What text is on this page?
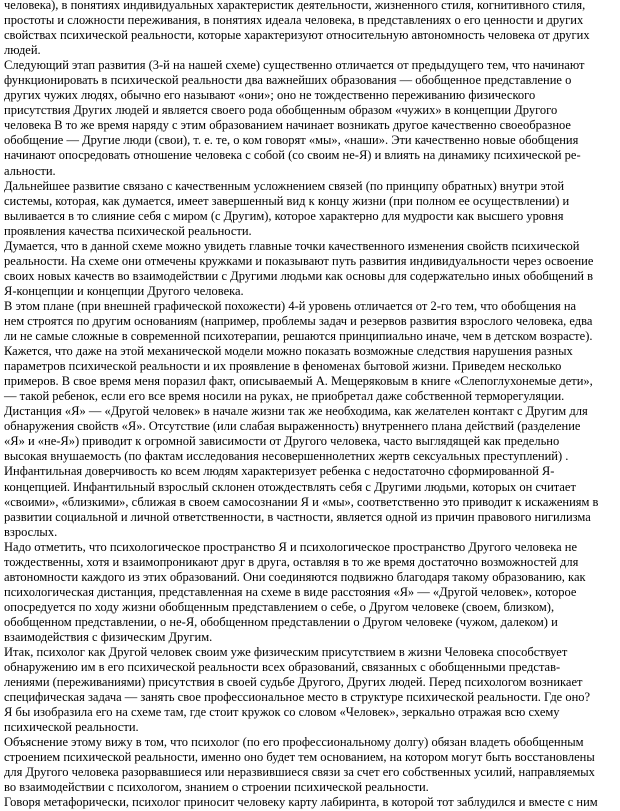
человека), в понятиях индивидуальных характеристик деятельности, жизненного стиля, когнитивного стиля,
простоты и сложности переживания, в понятиях идеала человека, в представлениях о его ценности и других
свойствах психической реальности, которые характеризуют относительную автономность человека от других
людей.

Следующий этап развития (3-й на нашей схеме) существенно отличается от предыдущего тем, что начинают
функционировать в психической реальности два важнейших образования — обобщенное представление о
других чужих людях, обычно его называют «они»; оно не тождественно переживанию физического
присутствия Других людей и является своего рода обобщенным образом «чужих» в концепции Другого
человека В то же время наряду с этим образованием начинает возникать другое качественно своеобразное
обобщение — Другие люди (свои), т. е. те, о ком говорят «мы», «наши». Эти качественно новые обобщения
начинают опосредовать отношение человека с собой (со своим не-Я) и влиять на динамику психической ре-
альности.

Дальнейшее развитие связано с качественным усложнением связей (по принципу обратных) внутри этой
системы, которая, как думается, имеет завершенный вид к концу жизни (при полном ее осуществлении) и
выливается в то слияние себя с миром (с Другим), которое характерно для мудрости как высшего уровня
проявления качества психической реальности.

Думается, что в данной схеме можно увидеть главные точки качественного изменения свойств психической
реальности. На схеме они отмечены кружками и показывают путь развития индивидуальности через освоение
своих новых качеств во взаимодействии с Другими людьми как основы для содержательно иных обобщений в
Я-концепции и концепции Другого человека.

В этом плане (при внешней графической похожести) 4-й уровень отличается от 2-го тем, что обобщения на
нем строятся по другим основаниям (например, проблемы задач и резервов развития взрослого человека, едва
ли не самые сложные в современной психотерапии, решаются принципиально иначе, чем в детском возрасте).

Кажется, что даже на этой механической модели можно показать возможные следствия нарушения разных
параметров психической реальности и их проявление в феноменах бытовой жизни. Приведем несколько
примеров. В свое время меня поразил факт, описываемый А. Мещеряковым в книге «Слепоглухонемые дети»,
— такой ребенок, если его все время носили на руках, не приобретал даже собственной терморегуляции.

Дистанция «Я» — «Другой человек» в начале жизни так же необходима, как желателен контакт с Другим для
обнаружения свойств «Я». Отсутствие (или слабая выраженность) внутреннего плана действий (разделение
«Я» и «не-Я») приводит к огромной зависимости от Другого человека, часто выглядящей как предельно
высокая внушаемость (по фактам исследования несовершеннолетних жертв сексуальных преступлений) .

Инфантильная доверчивость ко всем людям характеризует ребенка с недостаточно сформированной Я-
концепцией. Инфантильный взрослый склонен отождествлять себя с Другими людьми, которых он считает
«своими», «близкими», сближая в своем самосознании Я и «мы», соответственно это приводит к искажениям в
развитии социальной и личной ответственности, в частности, является одной из причин правового нигилизма
взрослых.

Надо отметить, что психологическое пространство Я и психологическое пространство Другого человека не
тождественны, хотя и взаимопроникают друг в друга, оставляя в то же время достаточно возможностей для
автономности каждого из этих образований. Они соединяются подвижно благодаря такому образованию, как
психологическая дистанция, представленная на схеме в виде расстояния «Я» — «Другой человек», которое
опосредуется по ходу жизни обобщенным представлением о себе, о Другом человеке (своем, близком),
обобщенном представлении, о не-Я, обобщенном представлении о Другом человеке (чужом, далеком) и
взаимодействия с физическим Другим.

Итак, психолог как Другой человек своим уже физическим присутствием в жизни Человека способствует
обнаружению им в его психической реальности всех образований, связанных с обобщенными представ-
лениями (переживаниями) присутствия в своей судьбе Другого, Других людей. Перед психологом возникает
специфическая задача — занять свое профессиональное место в структуре психической реальности. Где оно?
Я бы изобразила его на схеме там, где стоит кружок со словом «Человек», зеркально отражая всю схему
психической реальности.

Объяснение этому вижу в том, что психолог (по его профессиональному долгу) обязан владеть обобщенным
строением психической реальности, именно оно будет тем основанием, на котором могут быть восстановлены
для Другого человека разорвавшиеся или неразвившиеся связи за счет его собственных усилий, направляемых
во взаимодействии с психологом, знанием о строении психической реальности.

Говоря метафорически, психолог приносит человеку карту лабиринта, в которой тот заблудился и вместе с ним
